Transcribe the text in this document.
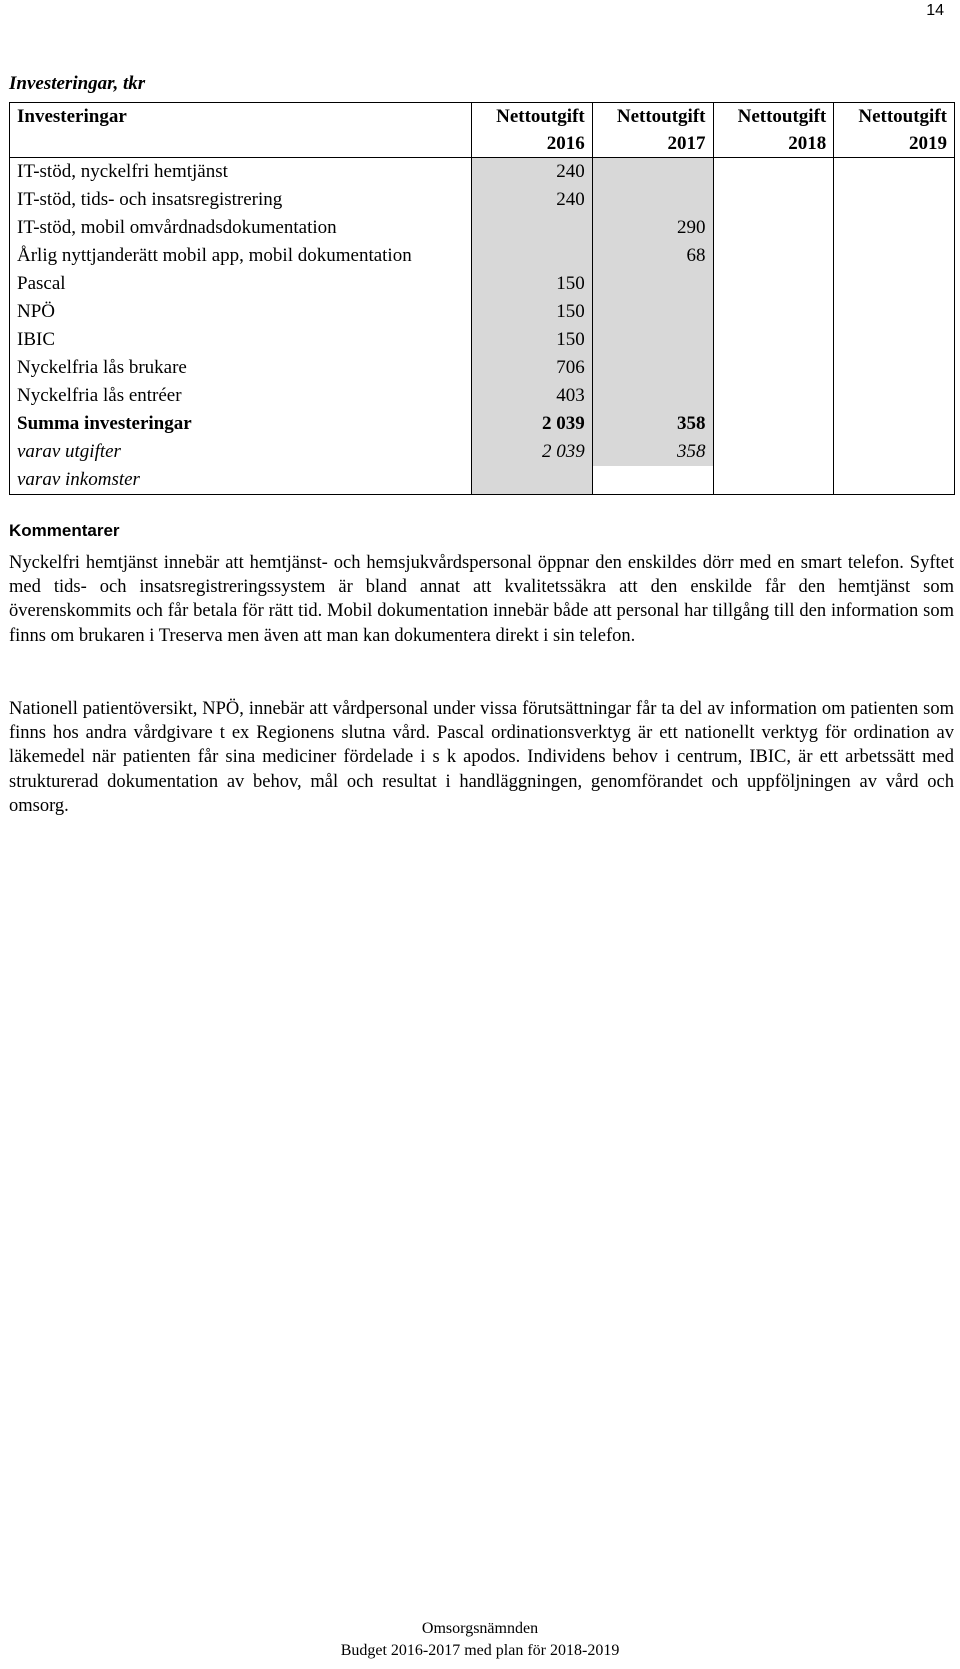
14
Investeringar, tkr
Investeringar	Nettoutgift 2016	Nettoutgift 2017	Nettoutgift 2018	Nettoutgift 2019
IT-stöd, nyckelfri hemtjänst	240			
IT-stöd, tids- och insatsregistrering	240			
IT-stöd, mobil omvårdnadsdokumentation		290		
Årlig nyttjanderätt mobil app, mobil dokumentation		68		
Pascal	150			
NPÖ	150			
IBIC	150			
Nyckelfria lås brukare	706			
Nyckelfria lås entréer	403			
Summa investeringar	2 039	358		
varav utgifter	2 039	358		
varav inkomster				
Kommentarer

Nyckelfri hemtjänst innebär att hemtjänst- och hemsjukvårdspersonal öppnar den enskildes dörr med en smart telefon. Syftet med tids- och insatsregistreringssystem är bland annat att kvalitetssäkra att den enskilde får den hemtjänst som överenskommits och får betala för rätt tid. Mobil dokumentation innebär både att personal har tillgång till den information som finns om brukaren i Treserva men även att man kan dokumentera direkt i sin telefon.

Nationell patientöversikt, NPÖ, innebär att vårdpersonal under vissa förutsättningar får ta del av information om patienten som finns hos andra vårdgivare t ex Regionens slutna vård. Pascal ordinationsverktyg är ett nationellt verktyg för ordination av läkemedel när patienten får sina mediciner fördelade i s k apodos. Individens behov i centrum, IBIC, är ett arbetssätt med strukturerad dokumentation av behov, mål och resultat i handläggningen, genomförandet och uppföljningen av vård och omsorg.

Omsorgsnämnden
Budget 2016-2017 med plan för 2018-2019
